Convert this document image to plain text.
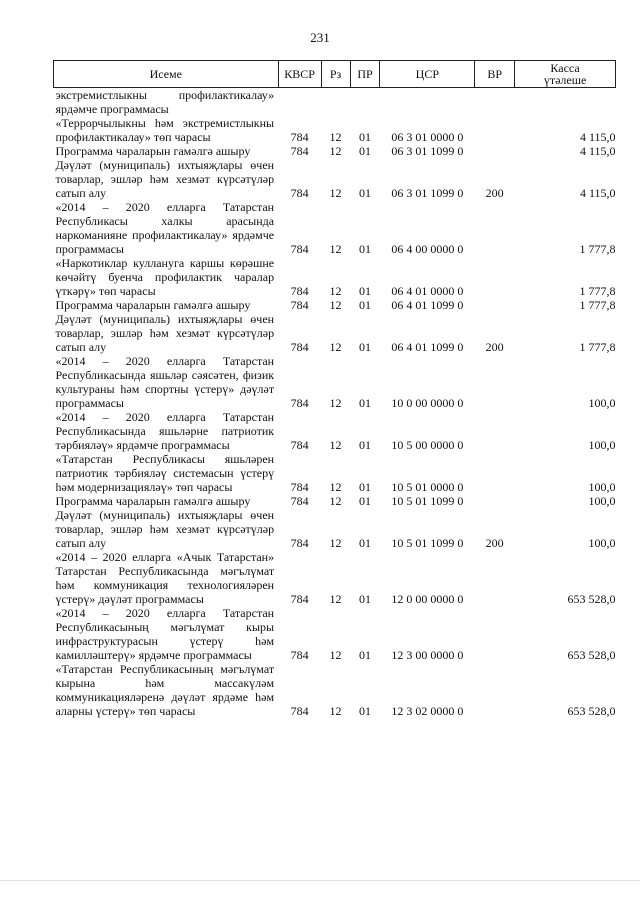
231
Исеме	КВСР	Рз	ПР	ЦСР	ВР	Касса
үтәлеше
экстремистлыкны профилактикалау» ярдәмче программасы						
«Террорчылыкны һәм экстремистлыкны профилактикалау» төп чарасы	784	12	01	06 3 01 0000 0		4 115,0
Программа чараларын гамәлгә ашыру	784	12	01	06 3 01 1099 0		4 115,0
Дәүләт (муниципаль) ихтыяҗлары өчен товарлар, эшләр һәм хезмәт күрсәтүләр сатып алу	784	12	01	06 3 01 1099 0	200	4 115,0
«2014 – 2020 елларга Татарстан Республикасы халкы арасында наркоманияне профилактикалау» ярдәмче программасы	784	12	01	06 4 00 0000 0		1 777,8
«Наркотиклар куллануга каршы көрәшне көчәйтү буенча профилактик чаралар үткәрү» төп чарасы	784	12	01	06 4 01 0000 0		1 777,8
Программа чараларын гамәлгә ашыру	784	12	01	06 4 01 1099 0		1 777,8
Дәүләт (муниципаль) ихтыяҗлары өчен товарлар, эшләр һәм хезмәт күрсәтүләр сатып алу	784	12	01	06 4 01 1099 0	200	1 777,8
«2014 – 2020 елларга Татарстан Республикасында яшьләр сәясәтен, физик культураны һәм спортны үстерү» дәүләт программасы	784	12	01	10 0 00 0000 0		100,0
«2014 – 2020 елларга Татарстан Республикасында яшьләрне патриотик тәрбияләү» ярдәмче программасы	784	12	01	10 5 00 0000 0		100,0
«Татарстан Республикасы яшьләрен патриотик тәрбияләү системасын үстерү һәм модернизацияләү» төп чарасы	784	12	01	10 5 01 0000 0		100,0
Программа чараларын гамәлгә ашыру	784	12	01	10 5 01 1099 0		100,0
Дәүләт (муниципаль) ихтыяҗлары өчен товарлар, эшләр һәм хезмәт күрсәтүләр сатып алу	784	12	01	10 5 01 1099 0	200	100,0
«2014 – 2020 елларга «Ачык Татарстан» Татарстан Республикасында мәгълүмат һәм коммуникация технологияләрен үстерү» дәүләт программасы	784	12	01	12 0 00 0000 0		653 528,0
«2014 – 2020 елларга Татарстан Республикасының мәгълүмат кыры инфраструктурасын үстерү һәм камилләштерү» ярдәмче программасы	784	12	01	12 3 00 0000 0		653 528,0
«Татарстан Республикасының мәгълүмат кырына һәм массакүләм коммуникацияләренә дәүләт ярдәме һәм аларны үстерү» төп чарасы	784	12	01	12 3 02 0000 0		653 528,0
